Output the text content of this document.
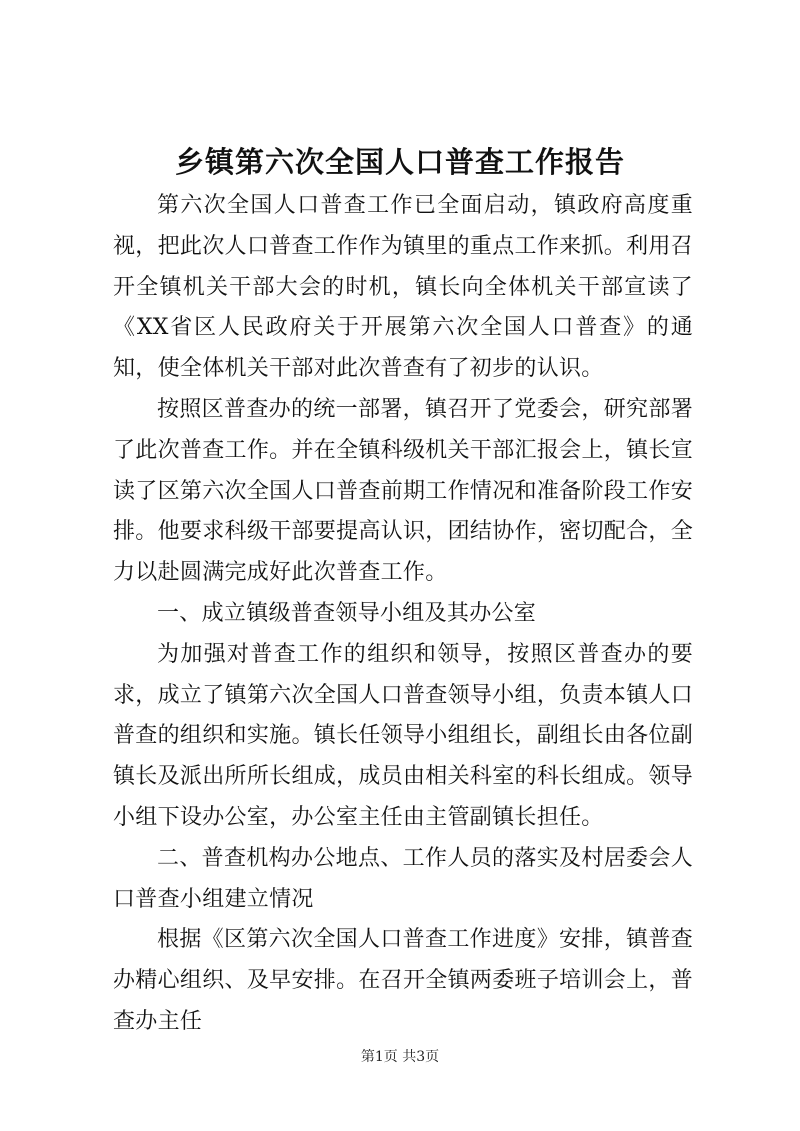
乡镇第六次全国人口普查工作报告

第六次全国人口普查工作已全面启动，镇政府高度重视，把此次人口普查工作作为镇里的重点工作来抓。利用召开全镇机关干部大会的时机，镇长向全体机关干部宣读了《XX省区人民政府关于开展第六次全国人口普查》的通知，使全体机关干部对此次普查有了初步的认识。

按照区普查办的统一部署，镇召开了党委会，研究部署了此次普查工作。并在全镇科级机关干部汇报会上，镇长宣读了区第六次全国人口普查前期工作情况和准备阶段工作安排。他要求科级干部要提高认识，团结协作，密切配合，全力以赴圆满完成好此次普查工作。

一、成立镇级普查领导小组及其办公室

为加强对普查工作的组织和领导，按照区普查办的要求，成立了镇第六次全国人口普查领导小组，负责本镇人口普查的组织和实施。镇长任领导小组组长，副组长由各位副镇长及派出所所长组成，成员由相关科室的科长组成。领导小组下设办公室，办公室主任由主管副镇长担任。

二、普查机构办公地点、工作人员的落实及村居委会人口普查小组建立情况

根据《区第六次全国人口普查工作进度》安排，镇普查办精心组织、及早安排。在召开全镇两委班子培训会上，普查办主任

第1页 共3页
